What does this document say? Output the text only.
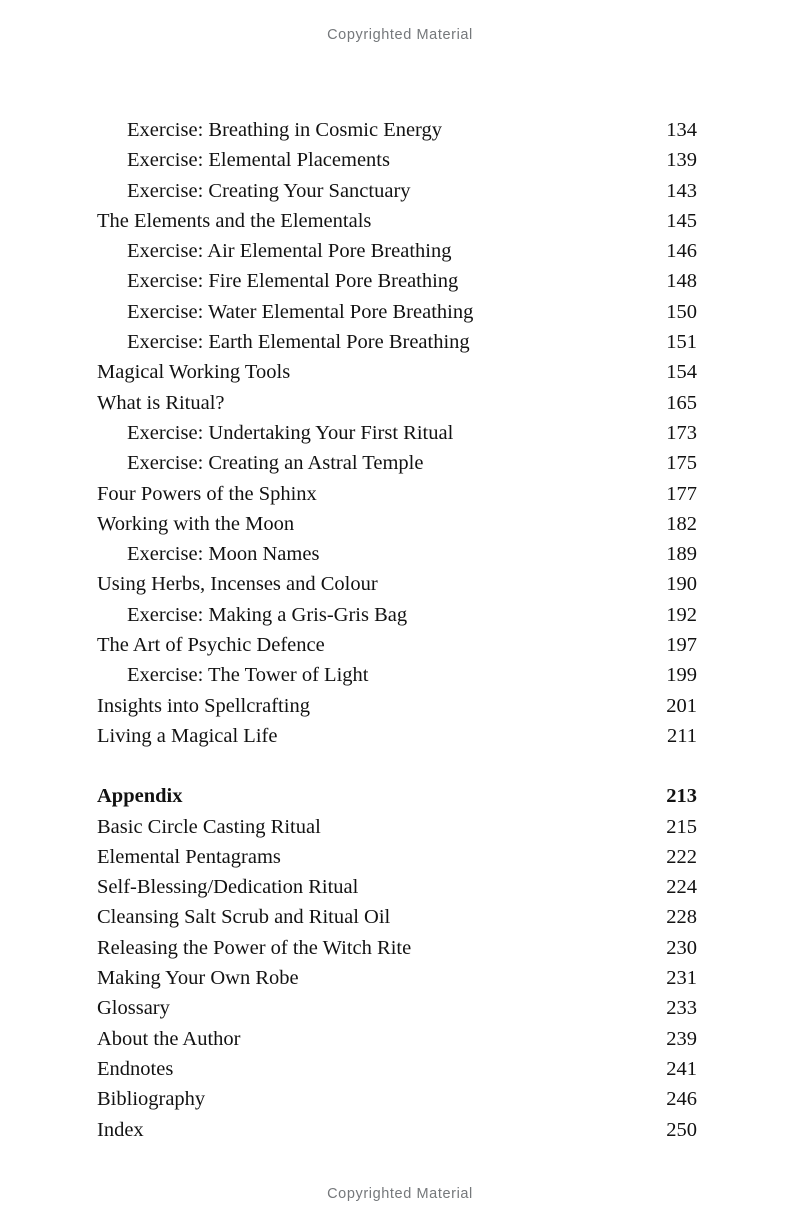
Copyrighted Material
Exercise: Breathing in Cosmic Energy	134
Exercise: Elemental Placements	139
Exercise: Creating Your Sanctuary	143
The Elements and the Elementals	145
Exercise: Air Elemental Pore Breathing	146
Exercise: Fire Elemental Pore Breathing	148
Exercise: Water Elemental Pore Breathing	150
Exercise: Earth Elemental Pore Breathing	151
Magical Working Tools	154
What is Ritual?	165
Exercise: Undertaking Your First Ritual	173
Exercise: Creating an Astral Temple	175
Four Powers of the Sphinx	177
Working with the Moon	182
Exercise: Moon Names	189
Using Herbs, Incenses and Colour	190
Exercise: Making a Gris-Gris Bag	192
The Art of Psychic Defence	197
Exercise: The Tower of Light	199
Insights into Spellcrafting	201
Living a Magical Life	211
Appendix	213
Basic Circle Casting Ritual	215
Elemental Pentagrams	222
Self-Blessing/Dedication Ritual	224
Cleansing Salt Scrub and Ritual Oil	228
Releasing the Power of the Witch Rite	230
Making Your Own Robe	231
Glossary	233
About the Author	239
Endnotes	241
Bibliography	246
Index	250
Copyrighted Material
